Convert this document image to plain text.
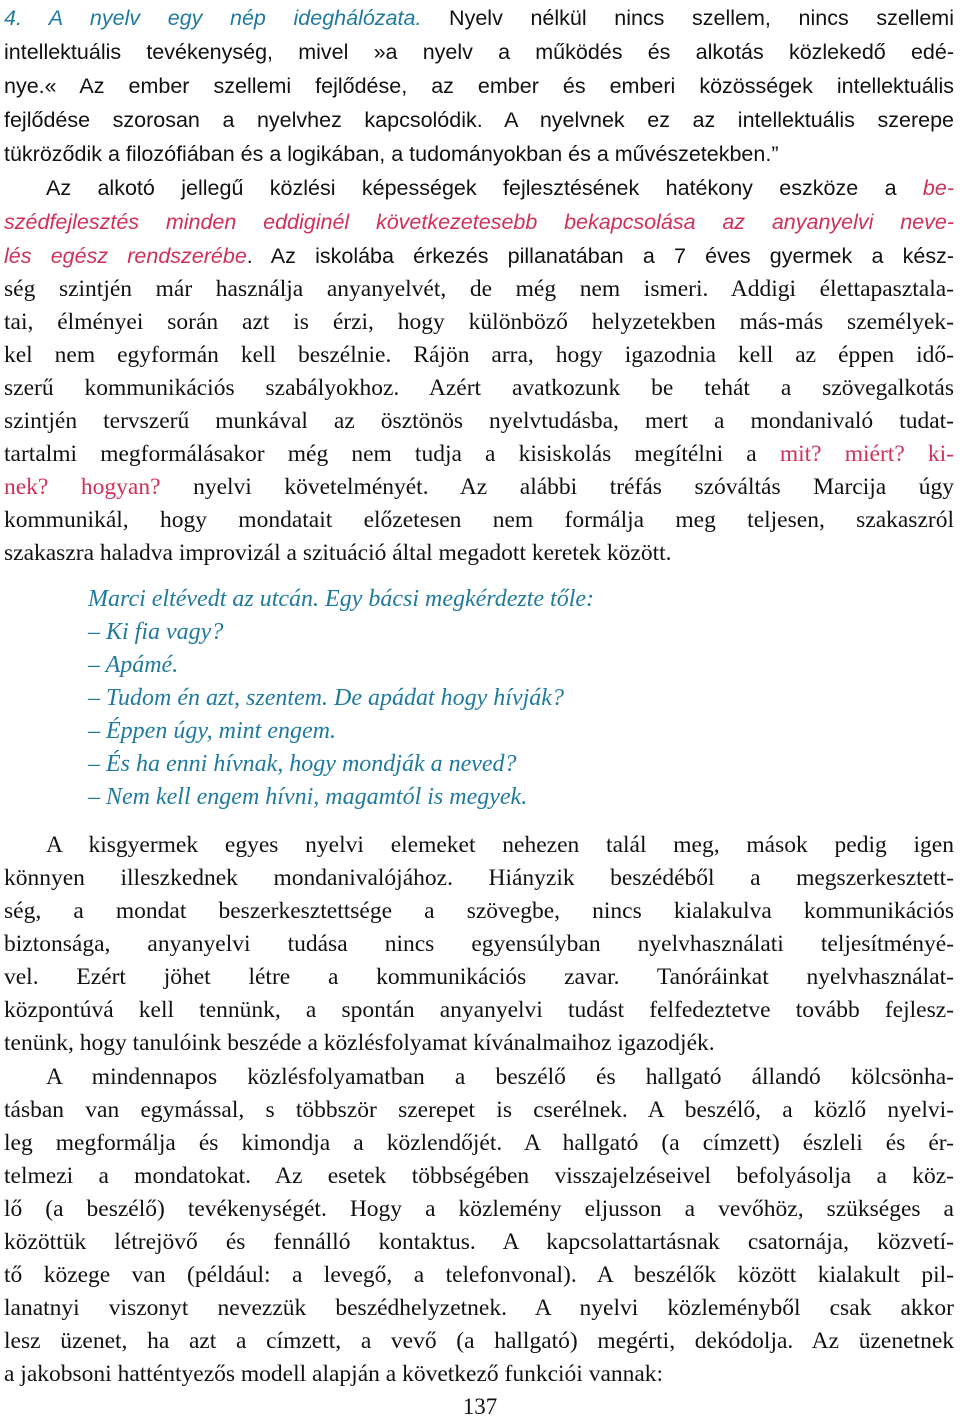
4. A nyelv egy nép ideghálózata. Nyelv nélkül nincs szellem, nincs szellemi
intellektuális tevékenység, mivel »a nyelv a működés és alkotás közlekedő edé-
nye.« Az ember szellemi fejlődése, az ember és emberi közösségek intellektuális
fejlődése szorosan a nyelvhez kapcsolódik. A nyelvnek ez az intellektuális szerepe
tükröződik a filozófiában és a logikában, a tudományokban és a művészetekben.”
Az alkotó jellegű közlési képességek fejlesztésének hatékony eszköze a be-
szédfejlesztés minden eddiginél következetesebb bekapcsolása az anyanyelvi neve-
lés egész rendszerébe. Az iskolába érkezés pillanatában a 7 éves gyermek a kész-
ség szintjén már használja anyanyelvét, de még nem ismeri. Addigi élettapasztala-
tai, élményei során azt is érzi, hogy különböző helyzetekben más-más személyek-
kel nem egyformán kell beszélnie. Rájön arra, hogy igazodnia kell az éppen idő-
szerű kommunikációs szabályokhoz. Azért avatkozunk be tehát a szövegalkotás
szintjén tervszerű munkával az ösztönös nyelvtudásba, mert a mondanivaló tudat-
tartalmi megformálásakor még nem tudja a kisiskolás megítélni a mit? miért? ki-
nek? hogyan? nyelvi követelményét. Az alábbi tréfás szóváltás Marcija úgy
kommunikál, hogy mondatait előzetesen nem formálja meg teljesen, szakaszról
szakaszra haladva improvizál a szituáció által megadott keretek között.
Marci eltévedt az utcán. Egy bácsi megkérdezte tőle:
– Ki fia vagy?
– Apámé.
– Tudom én azt, szentem. De apádat hogy hívják?
– Éppen úgy, mint engem.
– És ha enni hívnak, hogy mondják a neved?
– Nem kell engem hívni, magamtól is megyek.
A kisgyermek egyes nyelvi elemeket nehezen talál meg, mások pedig igen
könnyen illeszkednek mondanivalójához. Hiányzik beszédéből a megszerkesztett-
ség, a mondat beszerkesztettsége a szövegbe, nincs kialakulva kommunikációs
biztonsága, anyanyelvi tudása nincs egyensúlyban nyelvhasználati teljesítményé-
vel. Ezért jöhet létre a kommunikációs zavar. Tanóráinkat nyelvhasználat-
központúvá kell tennünk, a spontán anyanyelvi tudást felfedeztetve tovább fejlesz-
tenünk, hogy tanulóink beszéde a közlésfolyamat kívánalmaihoz igazodjék.
A mindennapos közlésfolyamatban a beszélő és hallgató állandó kölcsönha-
tásban van egymással, s többször szerepet is cserélnek. A beszélő, a közlő nyelvi-
leg megformálja és kimondja a közlendőjét. A hallgató (a címzett) észleli és ér-
telmezi a mondatokat. Az esetek többségében visszajelzéseivel befolyásolja a köz-
lő (a beszélő) tevékenységét. Hogy a közlemény eljusson a vevőhöz, szükséges a
közöttük létrejövő és fennálló kontaktus. A kapcsolattartásnak csatornája, közvetí-
tő közege van (például: a levegő, a telefonvonal). A beszélők között kialakult pil-
lanatnyi viszonyt nevezzük beszédhelyzetnek. A nyelvi közleményből csak akkor
lesz üzenet, ha azt a címzett, a vevő (a hallgató) megérti, dekódolja. Az üzenetnek
a jakobsoni hatténtyezős modell alapján a következő funkciói vannak:
137
